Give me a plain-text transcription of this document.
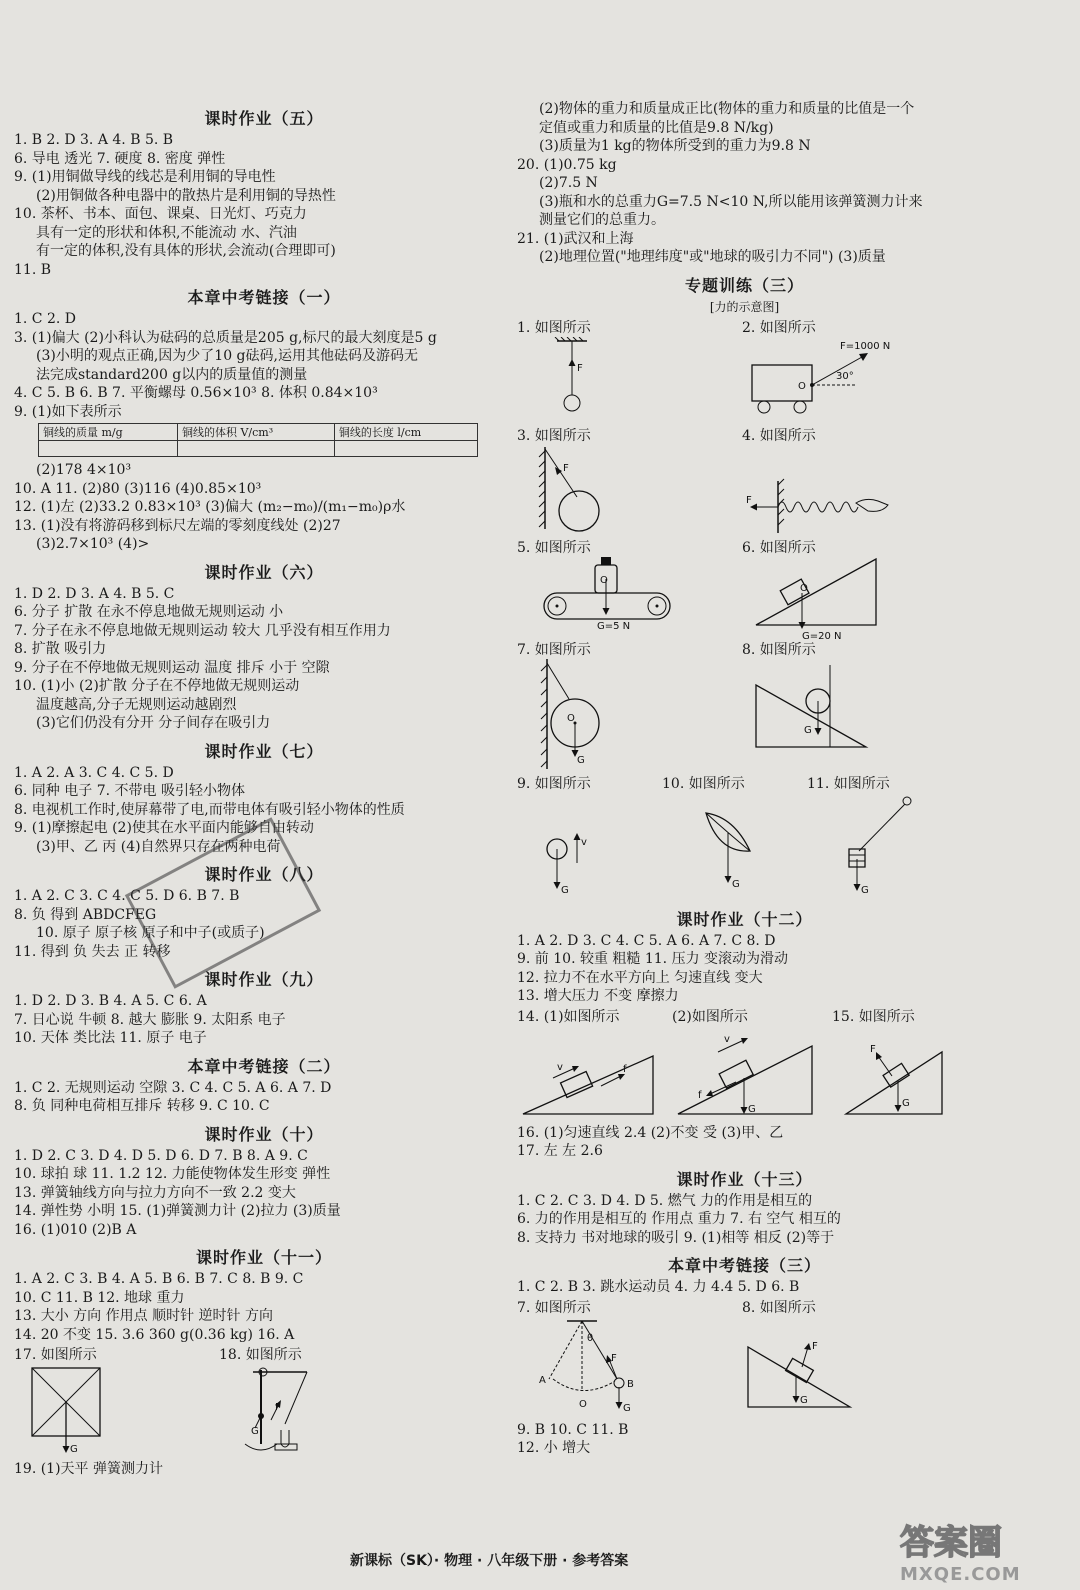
课时作业（五）
1. B 2. D 3. A 4. B 5. B
6. 导电 透光 7. 硬度 8. 密度 弹性
9. (1)用铜做导线的线芯是利用铜的导电性
(2)用铜做各种电器中的散热片是利用铜的导热性
10. 茶杯、书本、面包、课桌、日光灯、巧克力
具有一定的形状和体积,不能流动 水、汽油
有一定的体积,没有具体的形状,会流动(合理即可)
11. B
本章中考链接（一）
1. C 2. D
3. (1)偏大 (2)小科认为砝码的总质量是205 g,标尺的最大刻度是5 g
(3)小明的观点正确,因为少了10 g砝码,运用其他砝码及游码无
法完成standard200 g以内的质量值的测量
4. C 5. B 6. B 7. 平衡螺母 0.56×10³ 8. 体积 0.84×10³
9. (1)如下表所示
铜线的质量 m/g	铜线的体积 V/cm³	铜线的长度 l/cm

(2)178 4×10³
10. A 11. (2)80 (3)116 (4)0.85×10³
12. (1)左 (2)33.2 0.83×10³ (3)偏大 (m₂−m₀)/(m₁−m₀)ρ水
13. (1)没有将游码移到标尺左端的零刻度线处 (2)27
(3)2.7×10³ (4)>
课时作业（六）
1. D 2. D 3. A 4. B 5. C
6. 分子 扩散 在永不停息地做无规则运动 小
7. 分子在永不停息地做无规则运动 较大 几乎没有相互作用力
8. 扩散 吸引力
9. 分子在不停地做无规则运动 温度 排斥 小于 空隙
10. (1)小 (2)扩散 分子在不停地做无规则运动
温度越高,分子无规则运动越剧烈
(3)它们仍没有分开 分子间存在吸引力
课时作业（七）
1. A 2. A 3. C 4. C 5. D
6. 同种 电子 7. 不带电 吸引轻小物体
8. 电视机工作时,使屏幕带了电,而带电体有吸引轻小物体的性质
9. (1)摩擦起电 (2)使其在水平面内能够自由转动
(3)甲、乙 丙 (4)自然界只存在两种电荷
课时作业（八）
1. A 2. C 3. C 4. C 5. D 6. B 7. B
8. 负 得到 ABDCFEG
10. 原子 原子核 原子和中子(或质子)
11. 得到 负 失去 正 转移
课时作业（九）
1. D 2. D 3. B 4. A 5. C 6. A
7. 日心说 牛顿 8. 越大 膨胀 9. 太阳系 电子
10. 天体 类比法 11. 原子 电子
本章中考链接（二）
1. C 2. 无规则运动 空隙 3. C 4. C 5. A 6. A 7. D
8. 负 同种电荷相互排斥 转移 9. C 10. C
课时作业（十）
1. D 2. C 3. D 4. D 5. D 6. D 7. B 8. A 9. C
10. 球拍 球 11. 1.2 12. 力能使物体发生形变 弹性
13. 弹簧轴线方向与拉力方向不一致 2.2 变大
14. 弹性势 小明 15. (1)弹簧测力计 (2)拉力 (3)质量
16. (1)010 (2)B A
课时作业（十一）
1. A 2. C 3. B 4. A 5. B 6. B 7. C 8. B 9. C
10. C 11. B 12. 地球 重力
13. 大小 方向 作用点 顺时针 逆时针 方向
14. 20 不变 15. 3.6 360 g(0.36 kg) 16. A
17. 如图所示
G
18. 如图所示
G
F
19. (1)天平 弹簧测力计
(2)物体的重力和质量成正比(物体的重力和质量的比值是一个
定值或重力和质量的比值是9.8 N/kg)
(3)质量为1 kg的物体所受到的重力为9.8 N
20. (1)0.75 kg
(2)7.5 N
(3)瓶和水的总重力G=7.5 N<10 N,所以能用该弹簧测力计来
测量它们的总重力。
21. (1)武汉和上海
(2)地理位置("地理纬度"或"地球的吸引力不同") (3)质量
专题训练（三）
[力的示意图]
1. 如图所示
F
2. 如图所示
O
30°
F=1000 N
3. 如图所示
F
4. 如图所示
F
5. 如图所示
O
G=5 N
6. 如图所示
O
G=20 N
7. 如图所示
O
G
8. 如图所示
G
9. 如图所示
G
v
10. 如图所示
G
11. 如图所示
G
课时作业（十二）
1. A 2. D 3. C 4. C 5. A 6. A 7. C 8. D
9. 前 10. 较重 粗糙 11. 压力 变滚动为滑动
12. 拉力不在水平方向上 匀速直线 变大
13. 增大压力 不变 摩擦力
14. (1)如图所示
v	f
(2)如图所示
v
f
G
15. 如图所示
F
G
16. (1)匀速直线 2.4 (2)不变 受 (3)甲、乙
17. 左 左 2.6
课时作业（十三）
1. C 2. C 3. D 4. D 5. 燃气 力的作用是相互的
6. 力的作用是相互的 作用点 重力 7. 右 空气 相互的
8. 支持力 书对地球的吸引 9. (1)相等 相反 (2)等于
本章中考链接（三）
1. C 2. B 3. 跳水运动员 4. 力 4.4 5. D 6. B
7. 如图所示
θ
B
A
O
F
G
8. 如图所示
F
G
9. B 10. C 11. B
12. 小 增大
新课标（SK）· 物理 · 八年级下册 · 参考答案	答案圈
MXQE.COM
